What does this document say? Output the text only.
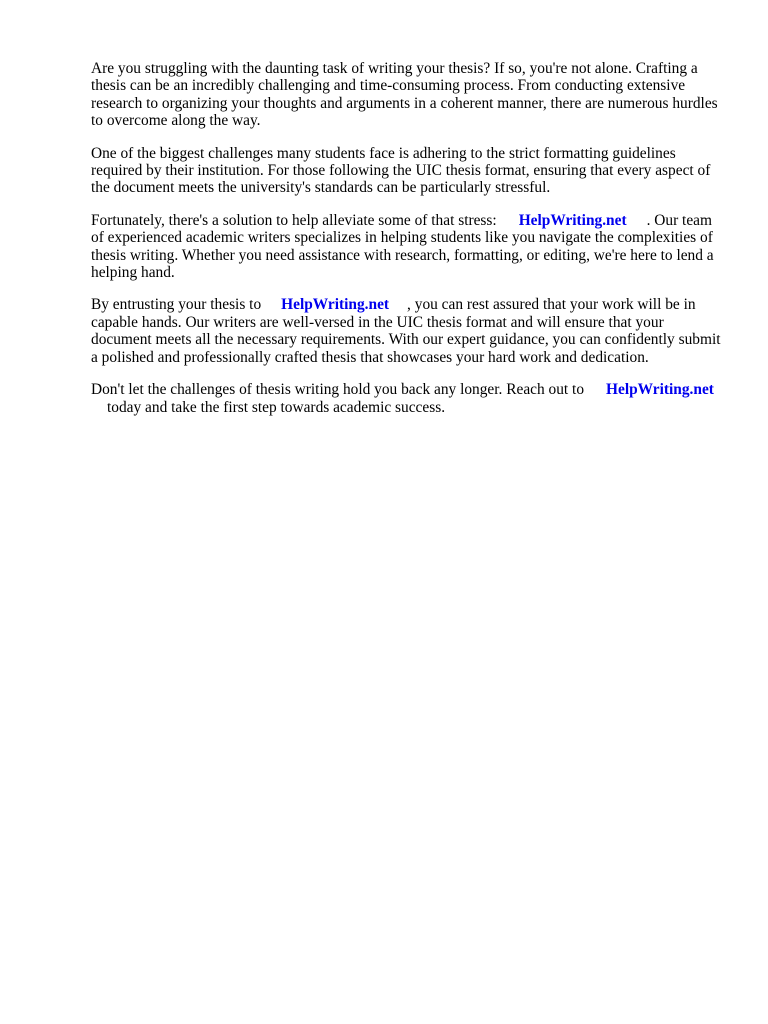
Are you struggling with the daunting task of writing your thesis? If so, you're not alone. Crafting a thesis can be an incredibly challenging and time-consuming process. From conducting extensive research to organizing your thoughts and arguments in a coherent manner, there are numerous hurdles to overcome along the way.

One of the biggest challenges many students face is adhering to the strict formatting guidelines required by their institution. For those following the UIC thesis format, ensuring that every aspect of the document meets the university's standards can be particularly stressful.

Fortunately, there's a solution to help alleviate some of that stress: HelpWriting.net . Our team of experienced academic writers specializes in helping students like you navigate the complexities of thesis writing. Whether you need assistance with research, formatting, or editing, we're here to lend a helping hand.

By entrusting your thesis to HelpWriting.net , you can rest assured that your work will be in capable hands. Our writers are well-versed in the UIC thesis format and will ensure that your document meets all the necessary requirements. With our expert guidance, you can confidently submit a polished and professionally crafted thesis that showcases your hard work and dedication.

Don't let the challenges of thesis writing hold you back any longer. Reach out to HelpWriting.net
today and take the first step towards academic success.
